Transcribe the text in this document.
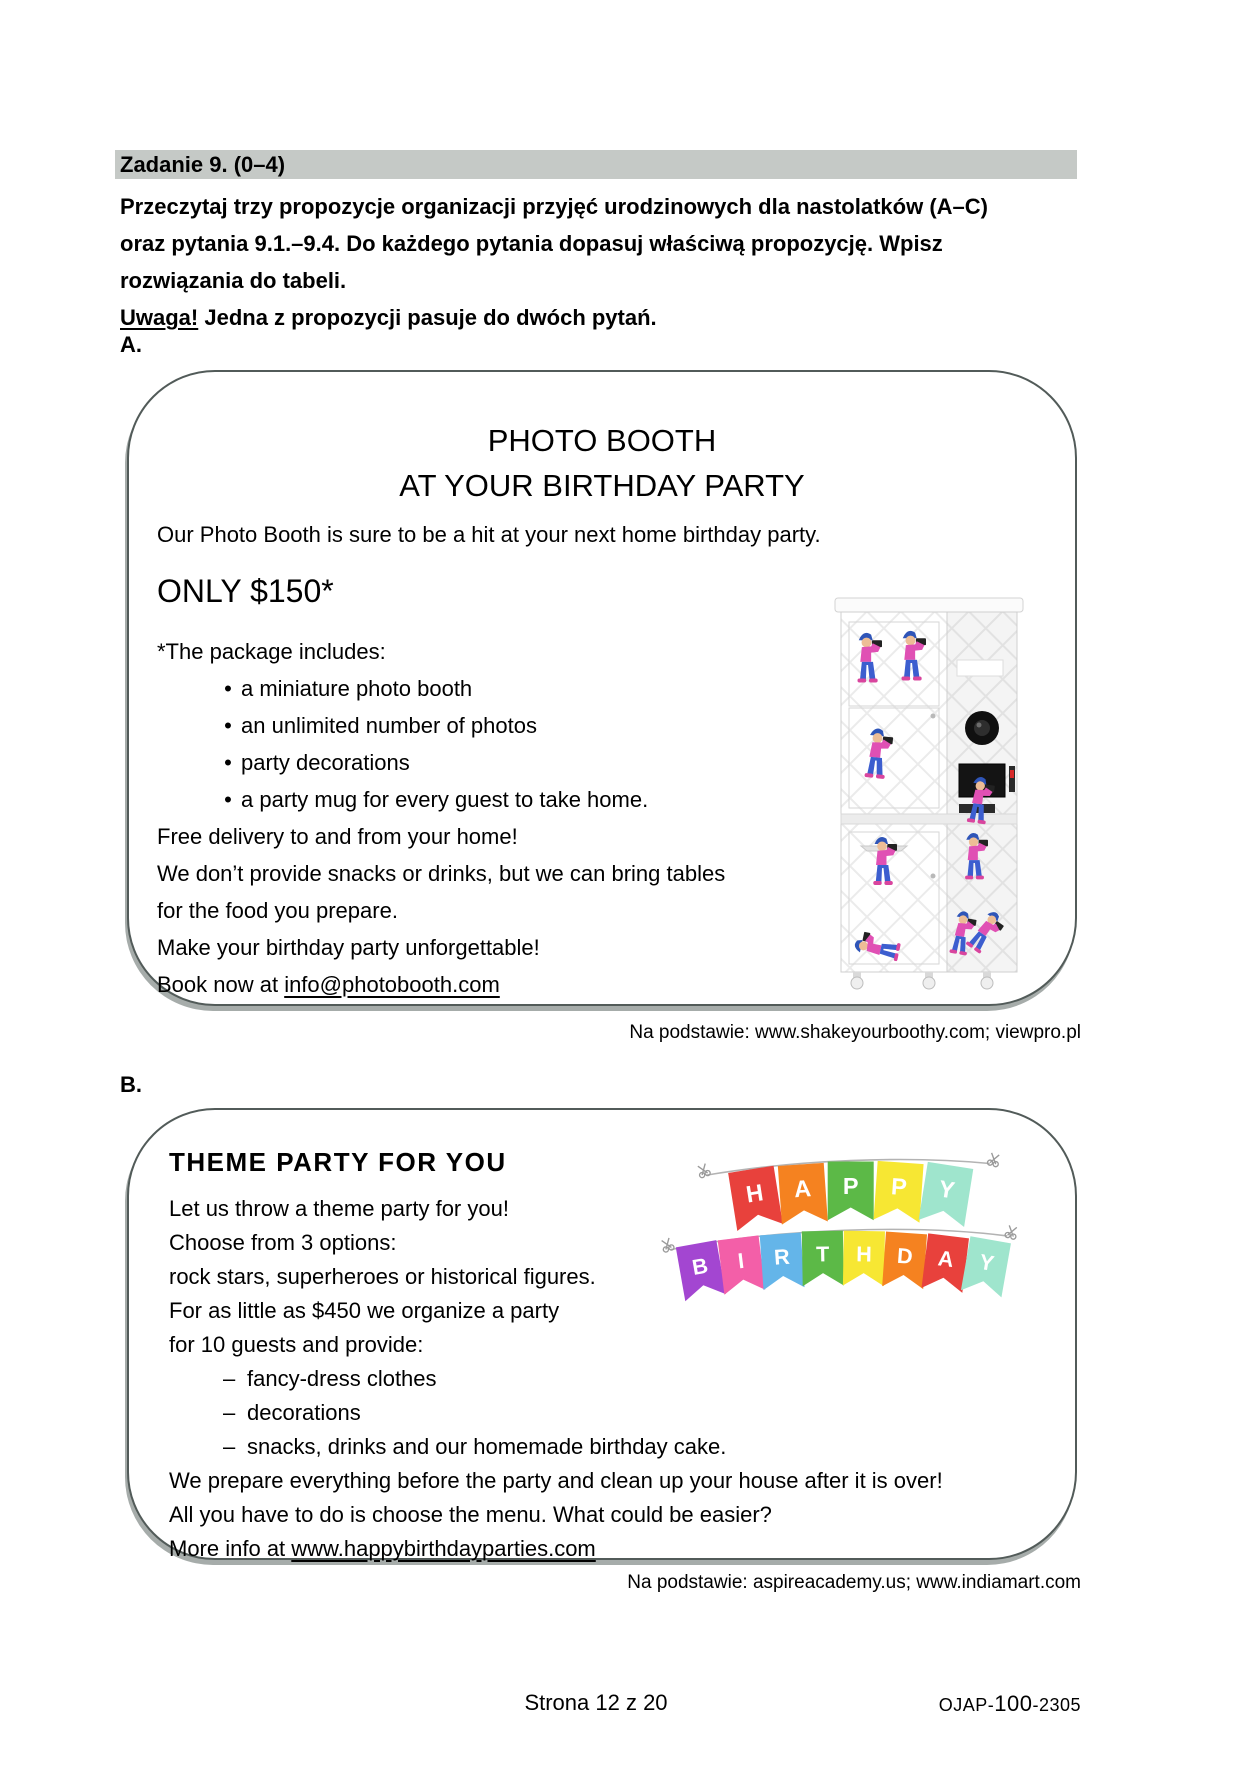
Zadanie 9. (0–4)
Przeczytaj trzy propozycje organizacji przyjęć urodzinowych dla nastolatków (A–C)
oraz pytania 9.1.–9.4. Do każdego pytania dopasuj właściwą propozycję. Wpisz
rozwiązania do tabeli.
Uwaga! Jedna z propozycji pasuje do dwóch pytań.
A.
PHOTO BOOTH
AT YOUR BIRTHDAY PARTY
Our Photo Booth is sure to be a hit at your next home birthday party.
ONLY $150*
*The package includes:
• a miniature photo booth
• an unlimited number of photos
• party decorations
• a party mug for every guest to take home.
Free delivery to and from your home!
We don’t provide snacks or drinks, but we can bring tables
for the food you prepare.
Make your birthday party unforgettable!
Book now at info@photobooth.com
Na podstawie: www.shakeyourboothy.com; viewpro.pl
B.
THEME PARTY FOR YOU
Let us throw a theme party for you!
Choose from 3 options:
rock stars, superheroes or historical figures.
For as little as $450 we organize a party
for 10 guests and provide:
– fancy-dress clothes
– decorations
– snacks, drinks and our homemade birthday cake.
We prepare everything before the party and clean up your house after it is over!
All you have to do is choose the menu. What could be easier?
More info at www.happybirthdayparties.com
H A P P Y
B I R T H D A Y
Na podstawie: aspireacademy.us; www.indiamart.com
Strona 12 z 20	OJAP-100-2305
